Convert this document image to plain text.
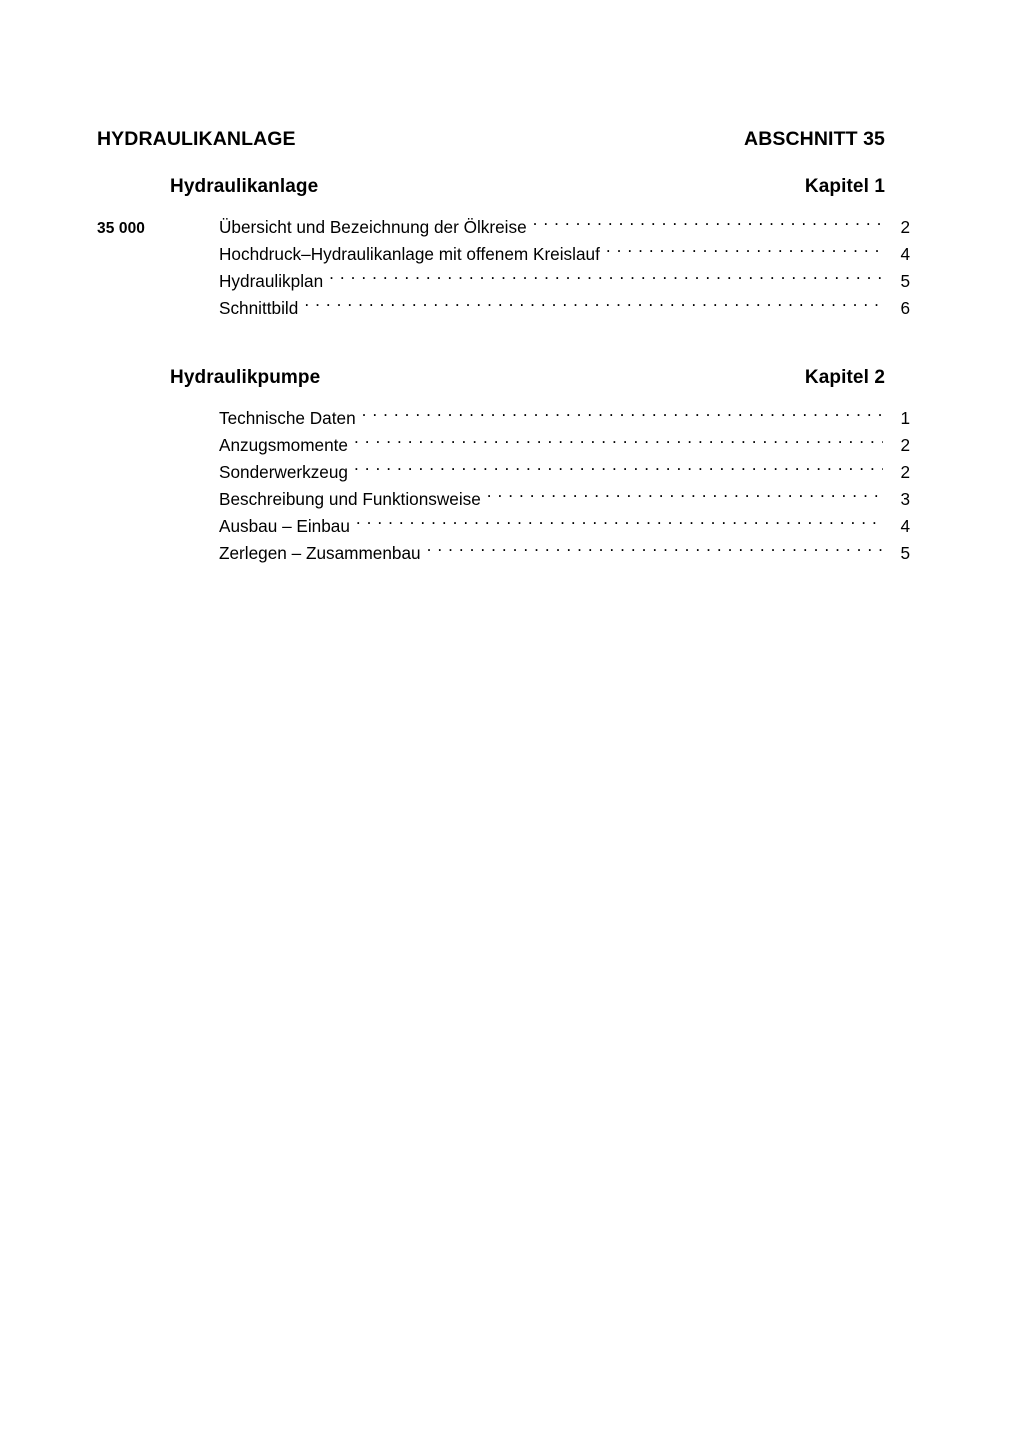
HYDRAULIKANLAGE	ABSCHNITT 35
Hydraulikanlage	Kapitel 1
35 000	Übersicht und Bezeichnung der Ölkreise . . .	2
Hochdruck–Hydraulikanlage mit offenem Kreislauf . . .	4
Hydraulikplan . . .	5
Schnittbild . . .	6
Hydraulikpumpe	Kapitel 2
Technische Daten . . .	1
Anzugsmomente . . .	2
Sonderwerkzeug . . .	2
Beschreibung und Funktionsweise . . .	3
Ausbau – Einbau . . .	4
Zerlegen – Zusammenbau . . .	5
